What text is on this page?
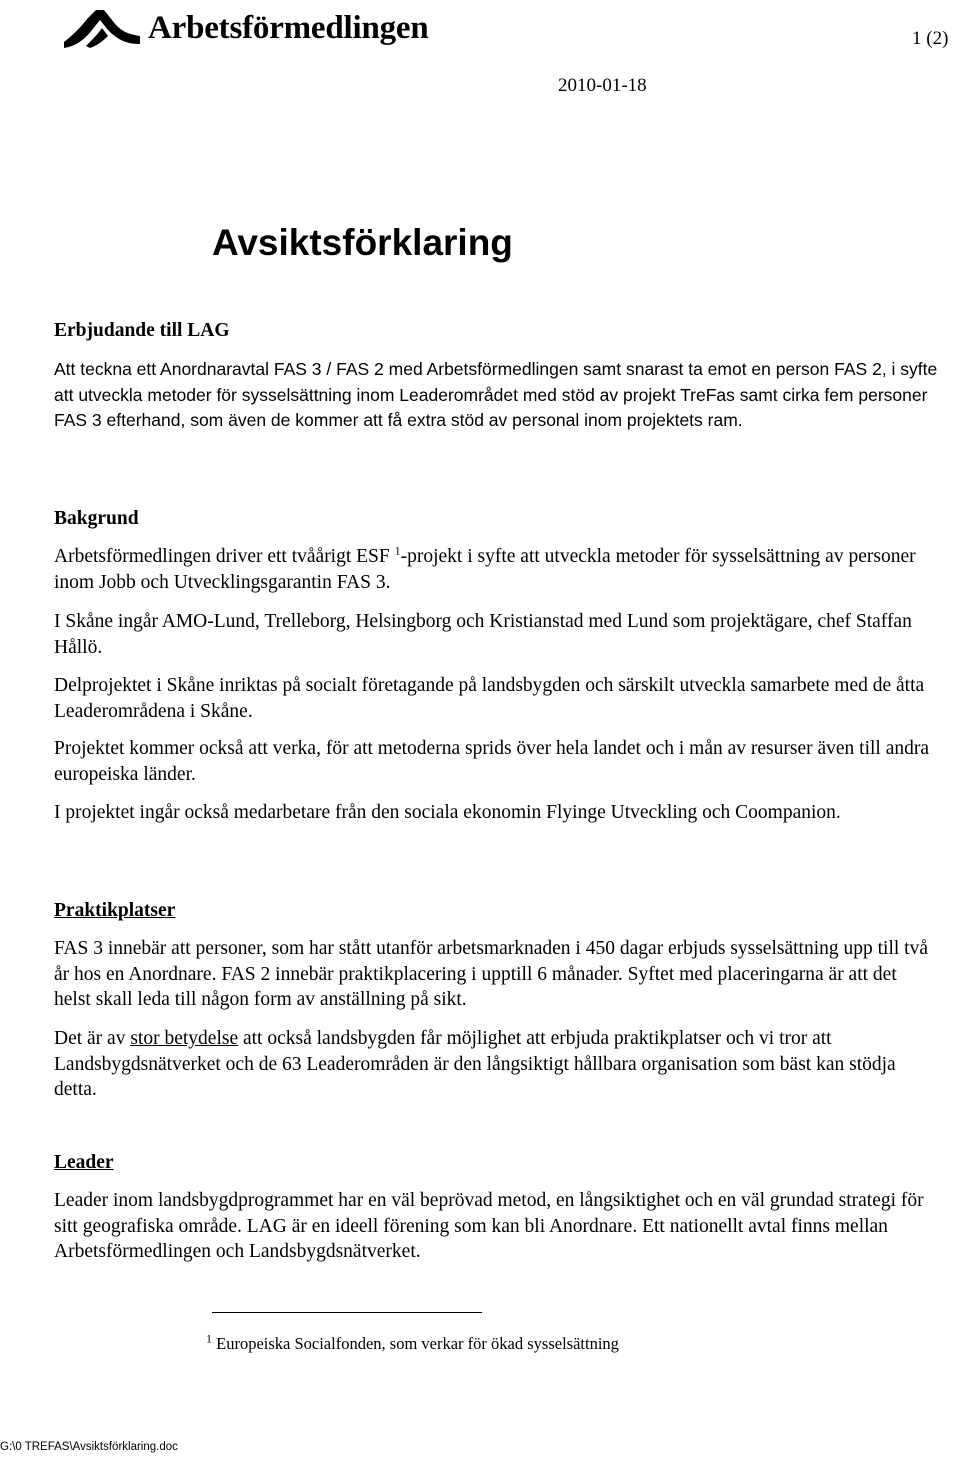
Arbetsförmedlingen	1 (2)
2010-01-18
Avsiktsförklaring
Erbjudande till LAG
Att teckna ett Anordnaravtal FAS 3 / FAS 2 med Arbetsförmedlingen samt snarast ta emot en person FAS 2, i syfte att utveckla metoder för sysselsättning inom Leaderområdet med stöd av projekt TreFas samt cirka fem personer FAS 3 efterhand, som även de kommer att få extra stöd av personal inom projektets ram.
Bakgrund
Arbetsförmedlingen driver ett tvåårigt ESF $^1$-projekt i syfte att utveckla metoder för sysselsättning av personer inom Jobb och Utvecklingsgarantin FAS 3.
I Skåne ingår AMO-Lund, Trelleborg, Helsingborg och Kristianstad med Lund som projektägare, chef Staffan Hållö.
Delprojektet i Skåne inriktas på socialt företagande på landsbygden och särskilt utveckla samarbete med de åtta Leaderområdena i Skåne.
Projektet kommer också att verka, för att metoderna sprids över hela landet och i mån av resurser även till andra europeiska länder.
I projektet ingår också medarbetare från den sociala ekonomin Flyinge Utveckling och Coompanion.
Praktikplatser
FAS 3 innebär att personer, som har stått utanför arbetsmarknaden i 450 dagar erbjuds sysselsättning upp till två år hos en Anordnare. FAS 2 innebär praktikplacering i upptill 6 månader. Syftet med placeringarna är att det helst skall leda till någon form av anställning på sikt.
Det är av stor betydelse att också landsbygden får möjlighet att erbjuda praktikplatser och vi tror att Landsbygdsnätverket och de 63 Leaderområden är den långsiktigt hållbara organisation som bäst kan stödja detta.
Leader
Leader inom landsbygdprogrammet har en väl beprövad metod, en långsiktighet och en väl grundad strategi för sitt geografiska område. LAG är en ideell förening som kan bli Anordnare. Ett nationellt avtal finns mellan Arbetsförmedlingen och Landsbygdsnätverket.
$^1$ Europeiska Socialfonden, som verkar för ökad sysselsättning
G:\0 TREFAS\Avsiktsförklaring.doc
